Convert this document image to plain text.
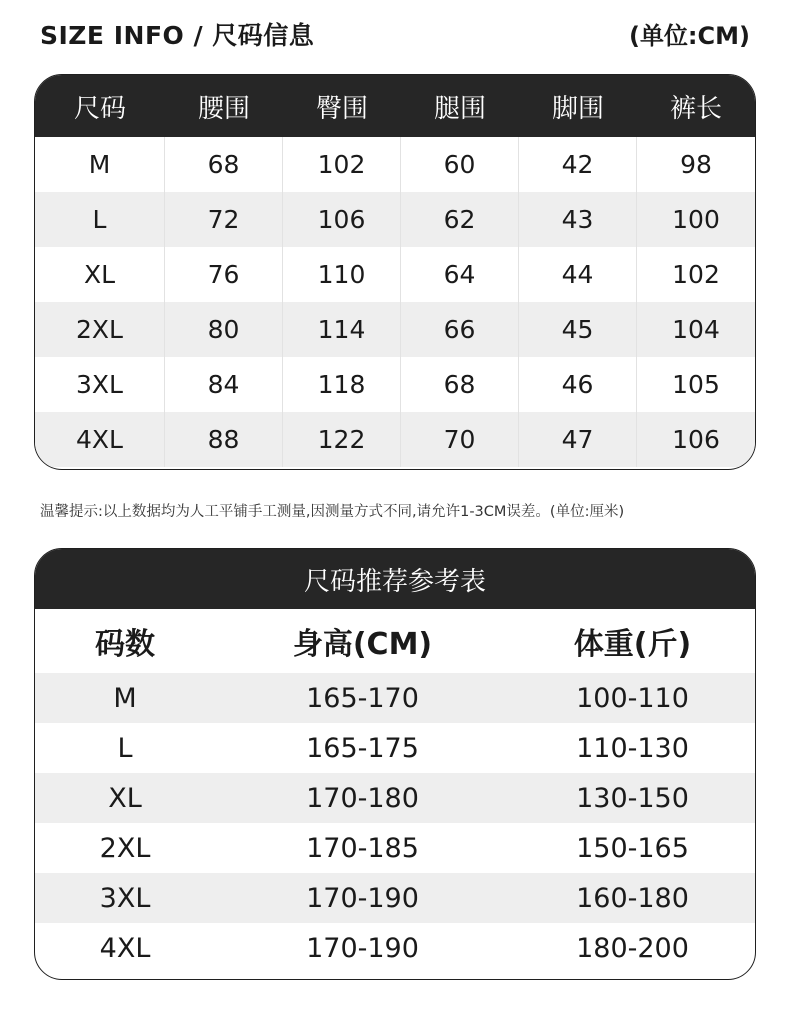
SIZE INFO / 尺码信息	(单位:CM)
尺码	腰围	臀围	腿围	脚围	裤长
M	68	102	60	42	98
L	72	106	62	43	100
XL	76	110	64	44	102
2XL	80	114	66	45	104
3XL	84	118	68	46	105
4XL	88	122	70	47	106
温馨提示:以上数据均为人工平铺手工测量,因测量方式不同,请允许1-3CM误差。(单位:厘米)
尺码推荐参考表
码数	身高(CM)	体重(斤)
M	165-170	100-110
L	165-175	110-130
XL	170-180	130-150
2XL	170-185	150-165
3XL	170-190	160-180
4XL	170-190	180-200
